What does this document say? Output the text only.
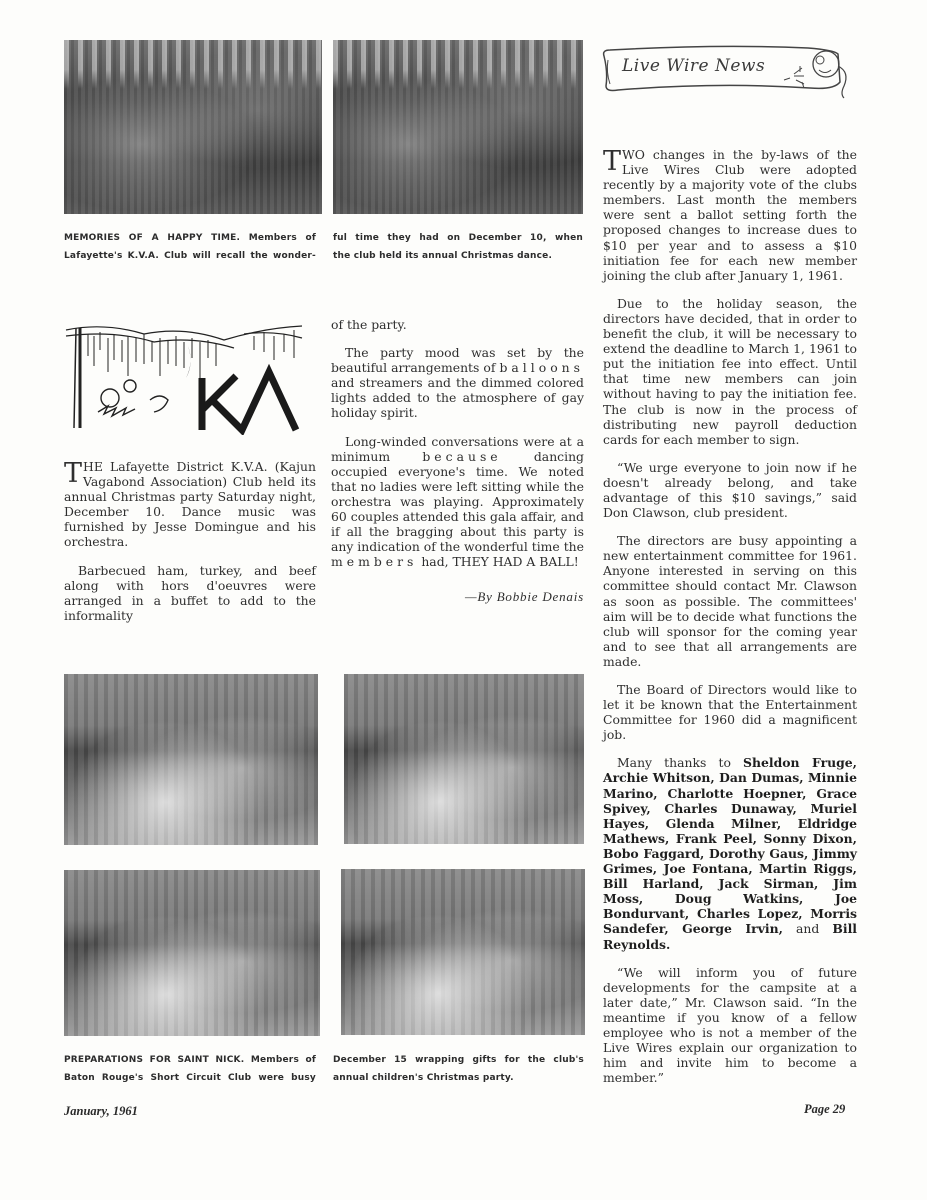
MEMORIES OF A HAPPY TIME. Members of
Lafayette's K.V.A. Club will recall the wonder-
ful time they had on December 10, when
the club held its annual Christmas dance.

THE Lafayette District K.V.A. (Kajun Vagabond Association) Club held its annual Christmas party Saturday night, December 10. Dance music was furnished by Jesse Domingue and his orchestra.

Barbecued ham, turkey, and beef along with hors d'oeuvres were arranged in a buffet to add to the informality

of the party.

The party mood was set by the beautiful arrangements of balloons and streamers and the dimmed colored lights added to the atmosphere of gay holiday spirit.

Long-winded conversations were at a minimum because dancing occupied everyone's time. We noted that no ladies were left sitting while the orchestra was playing. Approximately 60 couples attended this gala affair, and if all the bragging about this party is any indication of the wonderful time the members had, THEY HAD A BALL!

—By Bobbie Denais
PREPARATIONS FOR SAINT NICK. Members of
Baton Rouge's Short Circuit Club were busy
December 15 wrapping gifts for the club's
annual children's Christmas party.
Live Wire News

TWO changes in the by-laws of the Live Wires Club were adopted recently by a majority vote of the clubs members. Last month the members were sent a ballot setting forth the proposed changes to increase dues to $10 per year and to assess a $10 initiation fee for each new member joining the club after January 1, 1961.

Due to the holiday season, the directors have decided, that in order to benefit the club, it will be necessary to extend the deadline to March 1, 1961 to put the initiation fee into effect. Until that time new members can join without having to pay the initiation fee. The club is now in the process of distributing new payroll deduction cards for each member to sign.

“We urge everyone to join now if he doesn't already belong, and take advantage of this $10 savings,” said Don Clawson, club president.

The directors are busy appointing a new entertainment committee for 1961. Anyone interested in serving on this committee should contact Mr. Clawson as soon as possible. The committees' aim will be to decide what functions the club will sponsor for the coming year and to see that all arrangements are made.

The Board of Directors would like to let it be known that the Entertainment Committee for 1960 did a magnificent job.

Many thanks to Sheldon Fruge, Archie Whitson, Dan Dumas, Minnie Marino, Charlotte Hoepner, Grace Spivey, Charles Dunaway, Muriel Hayes, Glenda Milner, Eldridge Mathews, Frank Peel, Sonny Dixon, Bobo Faggard, Dorothy Gaus, Jimmy Grimes, Joe Fontana, Martin Riggs, Bill Harland, Jack Sirman, Jim Moss, Doug Watkins, Joe Bondurvant, Charles Lopez, Morris Sandefer, George Irvin, and Bill Reynolds.

“We will inform you of future developments for the campsite at a later date,” Mr. Clawson said. “In the meantime if you know of a fellow employee who is not a member of the Live Wires explain our organization to him and invite him to become a member.”

January, 1961	Page 29
